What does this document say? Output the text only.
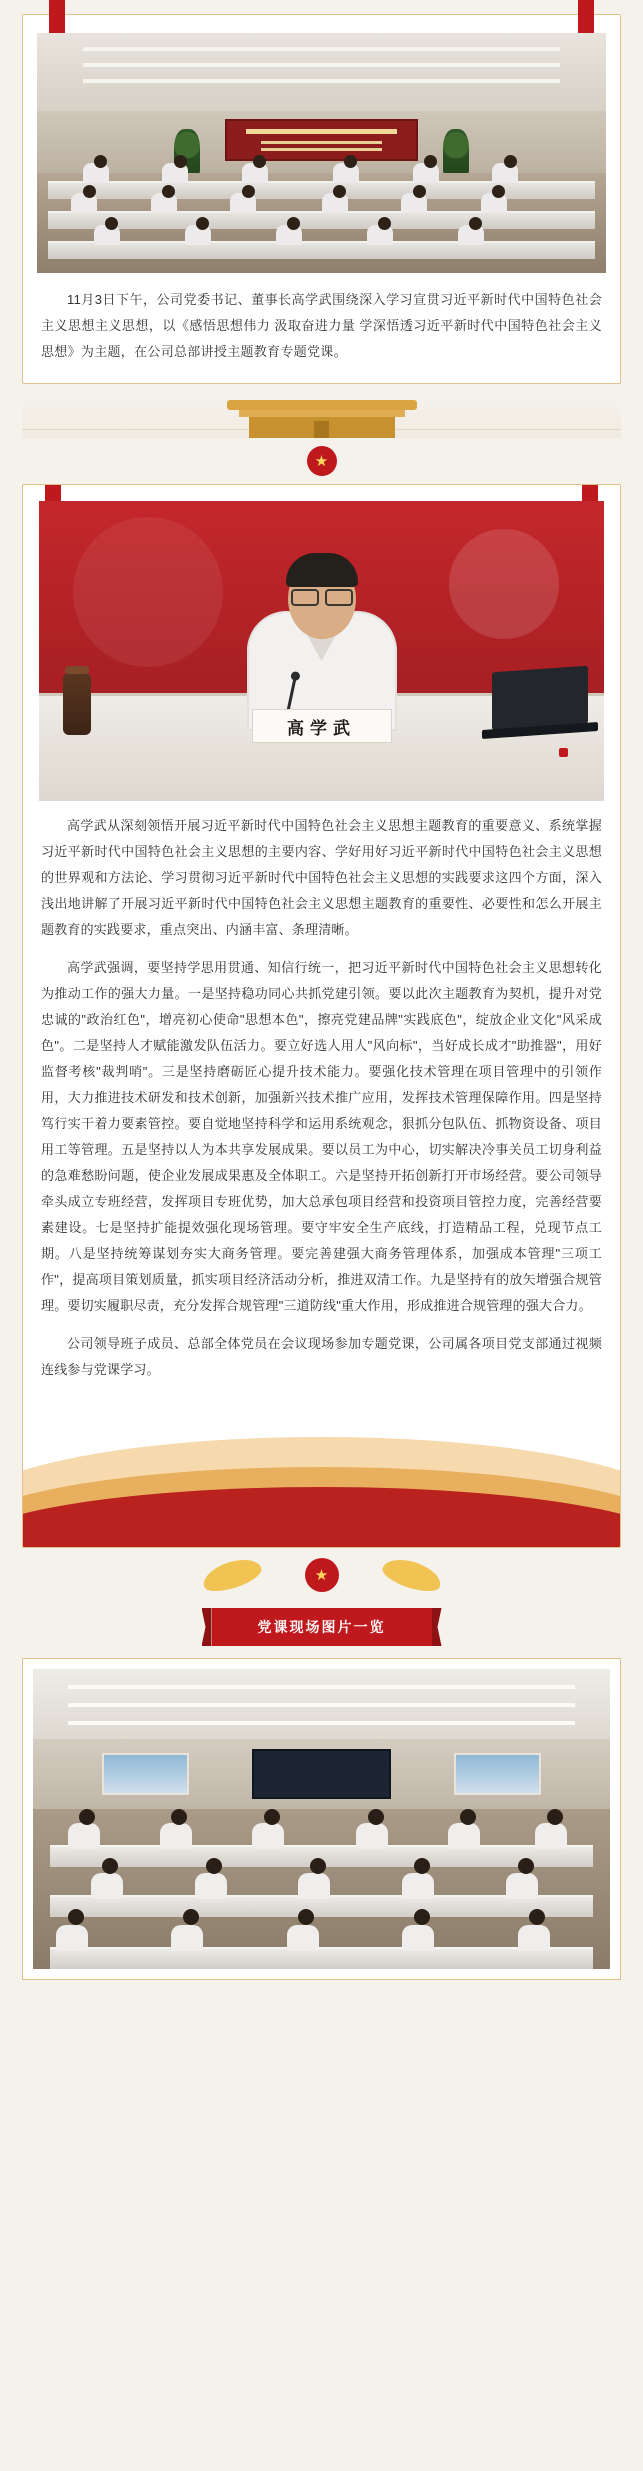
11月3日下午，公司党委书记、董事长高学武围绕深入学习宣贯习近平新时代中国特色社会主义思想主义思想，以《感悟思想伟力 汲取奋进力量 学深悟透习近平新时代中国特色社会主义思想》为主题，在公司总部讲授主题教育专题党课。
★
高学武
高学武从深刻领悟开展习近平新时代中国特色社会主义思想主题教育的重要意义、系统掌握习近平新时代中国特色社会主义思想的主要内容、学好用好习近平新时代中国特色社会主义思想的世界观和方法论、学习贯彻习近平新时代中国特色社会主义思想的实践要求这四个方面，深入浅出地讲解了开展习近平新时代中国特色社会主义思想主题教育的重要性、必要性和怎么开展主题教育的实践要求，重点突出、内涵丰富、条理清晰。
高学武强调，要坚持学思用贯通、知信行统一，把习近平新时代中国特色社会主义思想转化为推动工作的强大力量。一是坚持稳功同心共抓党建引领。要以此次主题教育为契机，提升对党忠诚的"政治红色"，增亮初心使命"思想本色"，擦亮党建品牌"实践底色"，绽放企业文化"风采成色"。二是坚持人才赋能激发队伍活力。要立好选人用人"风向标"，当好成长成才"助推器"，用好监督考核"裁判哨"。三是坚持磨砺匠心提升技术能力。要强化技术管理在项目管理中的引领作用，大力推进技术研发和技术创新，加强新兴技术推广应用，发挥技术管理保障作用。四是坚持笃行实干着力要素管控。要自觉地坚持科学和运用系统观念，狠抓分包队伍、抓物资设备、项目用工等管理。五是坚持以人为本共享发展成果。要以员工为中心，切实解决冷事关员工切身利益的急难愁盼问题，使企业发展成果惠及全体职工。六是坚持开拓创新打开市场经营。要公司领导牵头成立专班经营，发挥项目专班优势，加大总承包项目经营和投资项目管控力度，完善经营要素建设。七是坚持扩能提效强化现场管理。要守牢安全生产底线，打造精品工程，兑现节点工期。八是坚持统筹谋划夯实大商务管理。要完善建强大商务管理体系，加强成本管理"三项工作"，提高项目策划质量，抓实项目经济活动分析，推进双清工作。九是坚持有的放矢增强合规管理。要切实履职尽责，充分发挥合规管理"三道防线"重大作用，形成推进合规管理的强大合力。
公司领导班子成员、总部全体党员在会议现场参加专题党课，公司属各项目党支部通过视频连线参与党课学习。
★
党课现场图片一览
